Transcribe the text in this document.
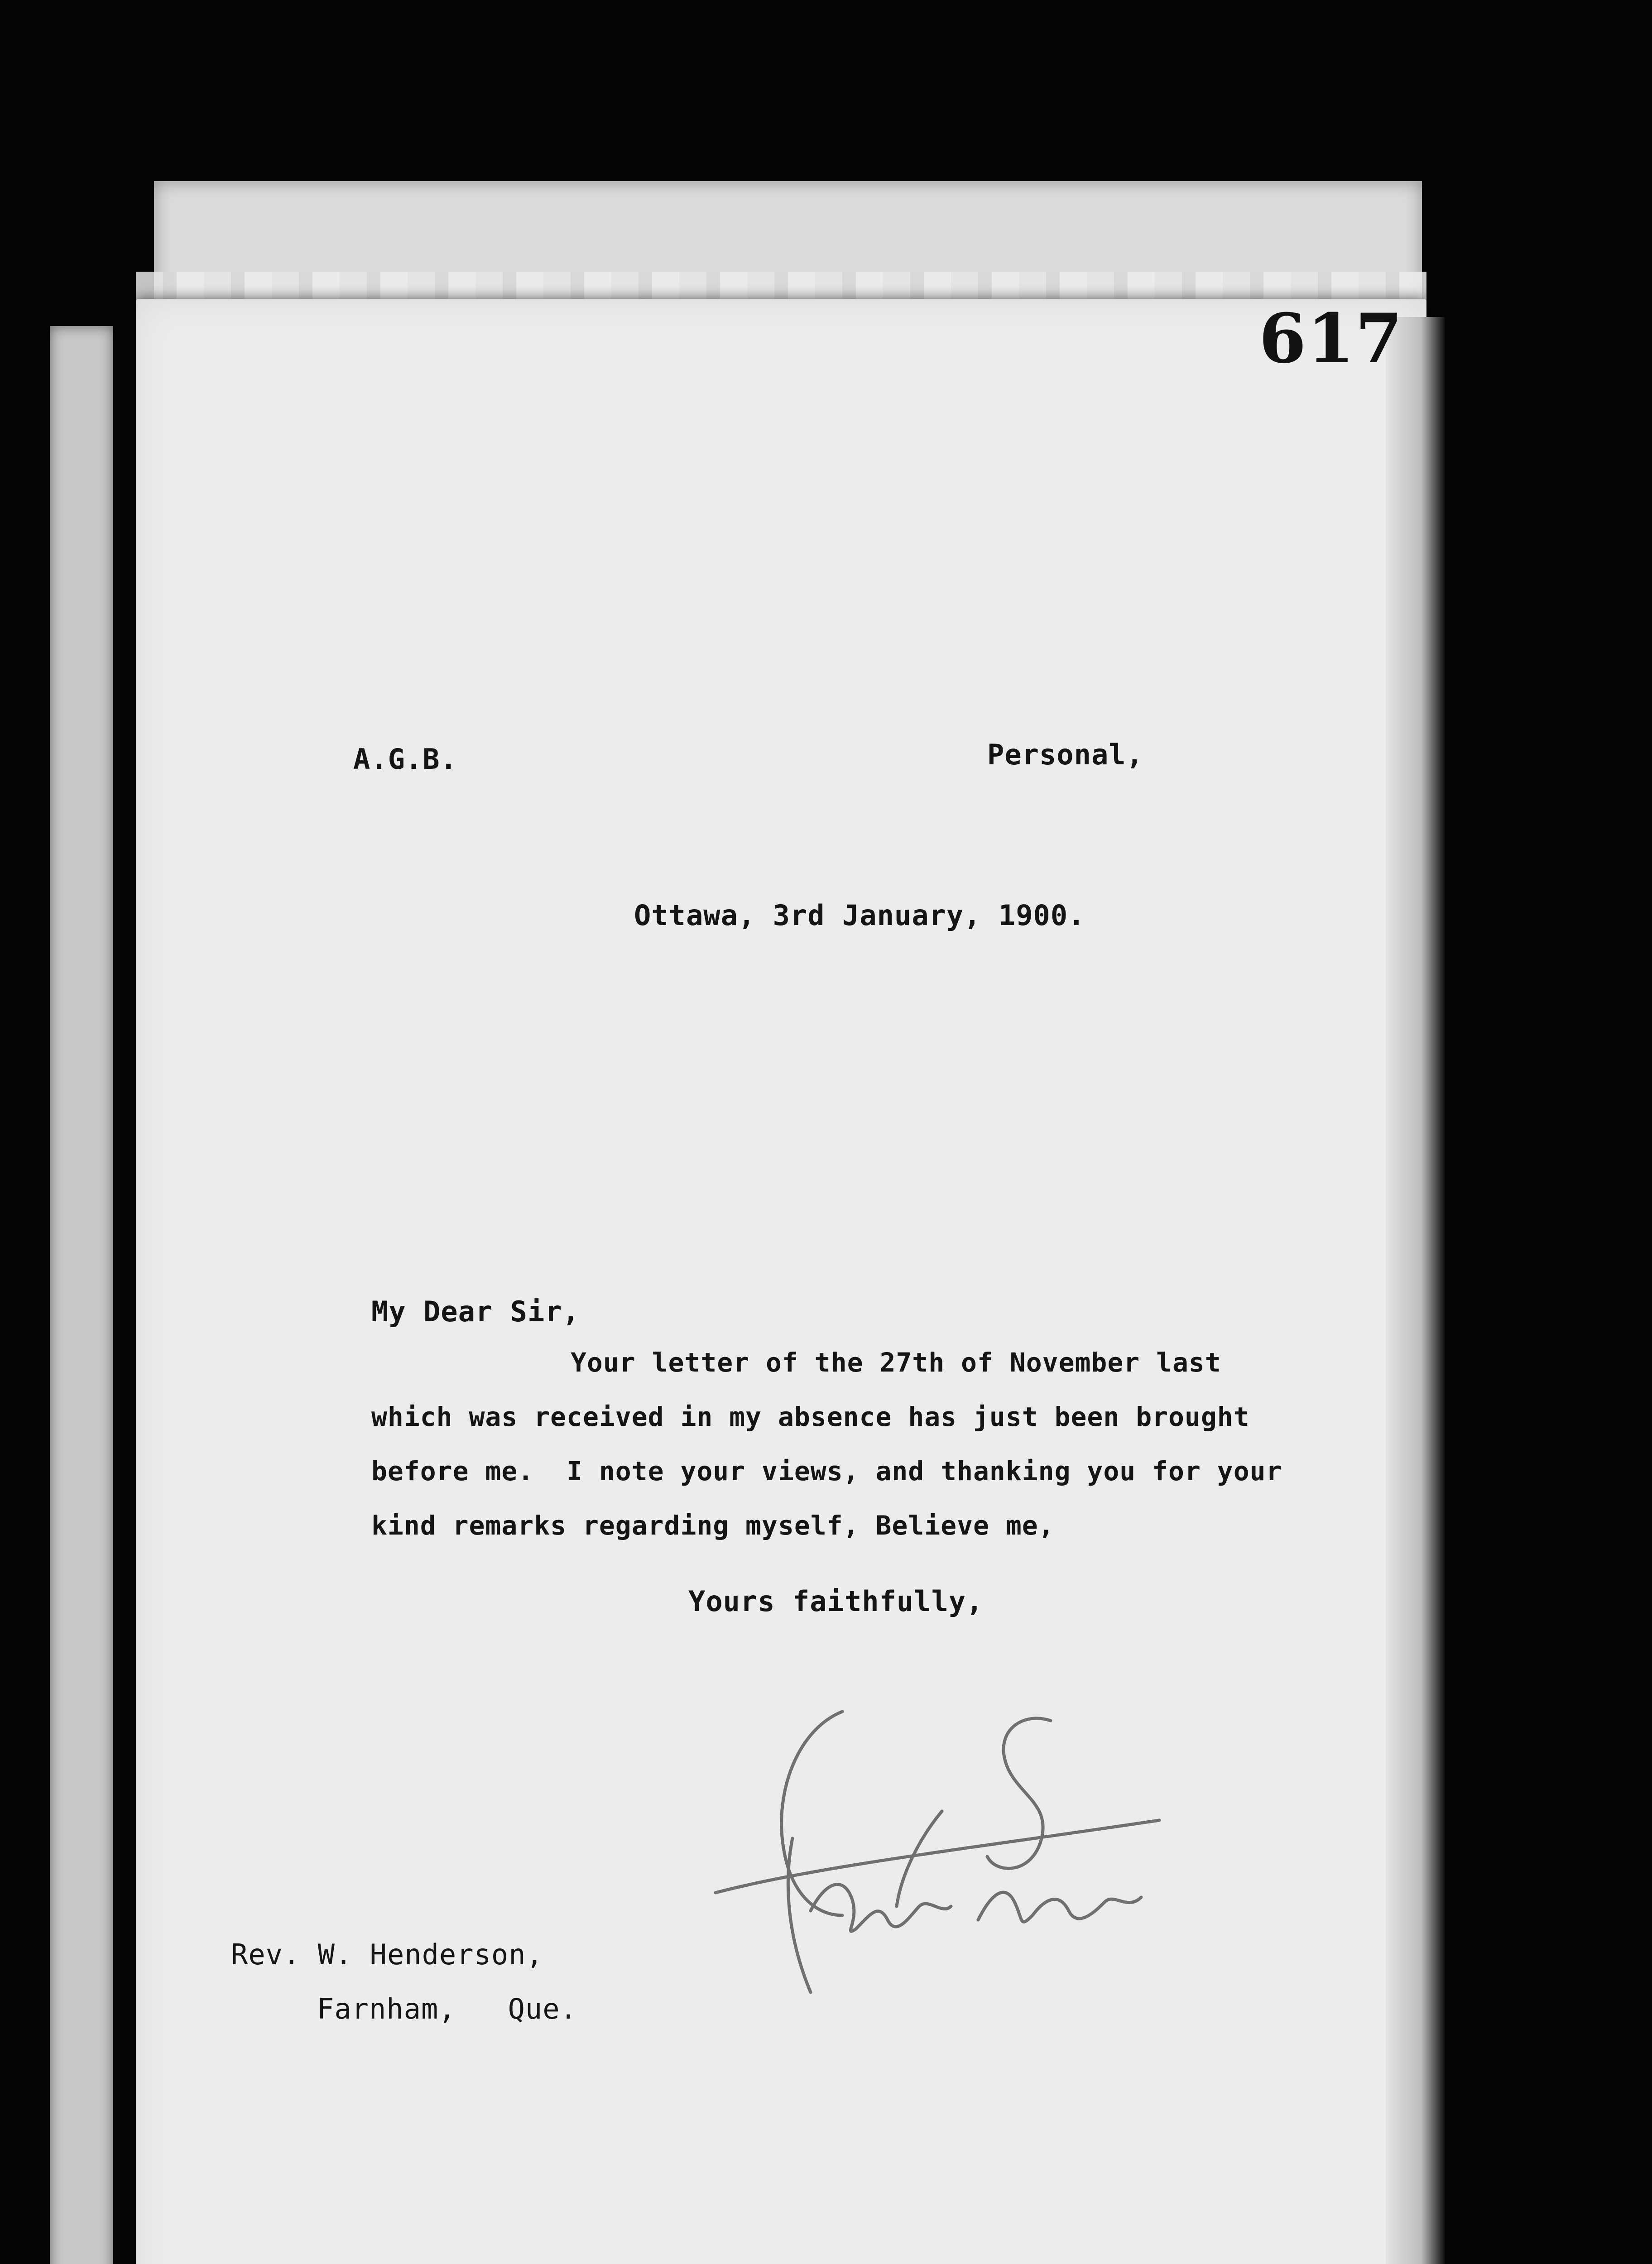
617
A.G.B.	Personal,
Ottawa, 3rd January, 1900.
My Dear Sir,
Your letter of the 27th of November last
which was received in my absence has just been brought
before me.  I note your views, and thanking you for your
kind remarks regarding myself, Believe me,
Yours faithfully,
Rev. W. Henderson,
Farnham,   Que.
